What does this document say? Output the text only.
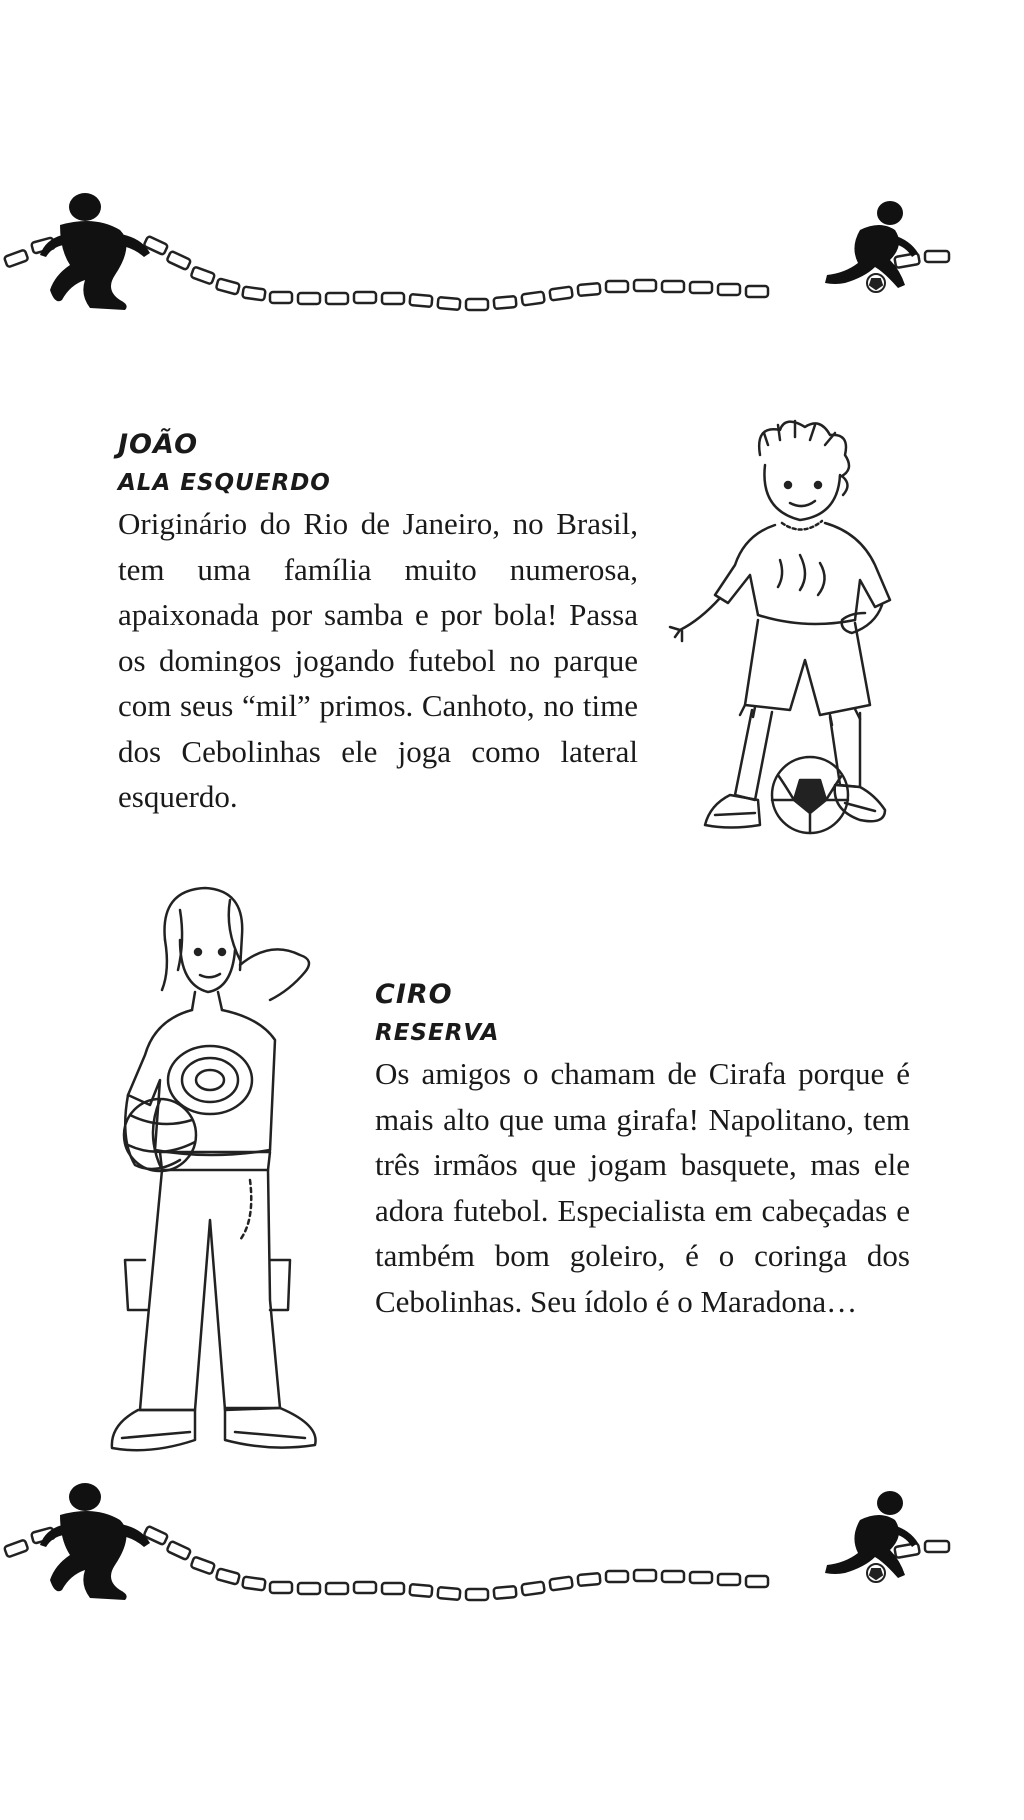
JOÃO
ALA ESQUERDO

Originário do Rio de Janeiro, no Brasil, tem uma família muito numerosa, apaixonada por samba e por bola! Passa os domingos jogando futebol no parque com seus “mil” primos. Canhoto, no time dos Cebolinhas ele joga como lateral esquerdo.

CIRO
RESERVA

Os amigos o chamam de Cirafa porque é mais alto que uma girafa! Napolitano, tem três irmãos que jogam basquete, mas ele adora futebol. Especialista em cabeçadas e também bom goleiro, é o coringa dos Cebolinhas. Seu ídolo é o Maradona…
